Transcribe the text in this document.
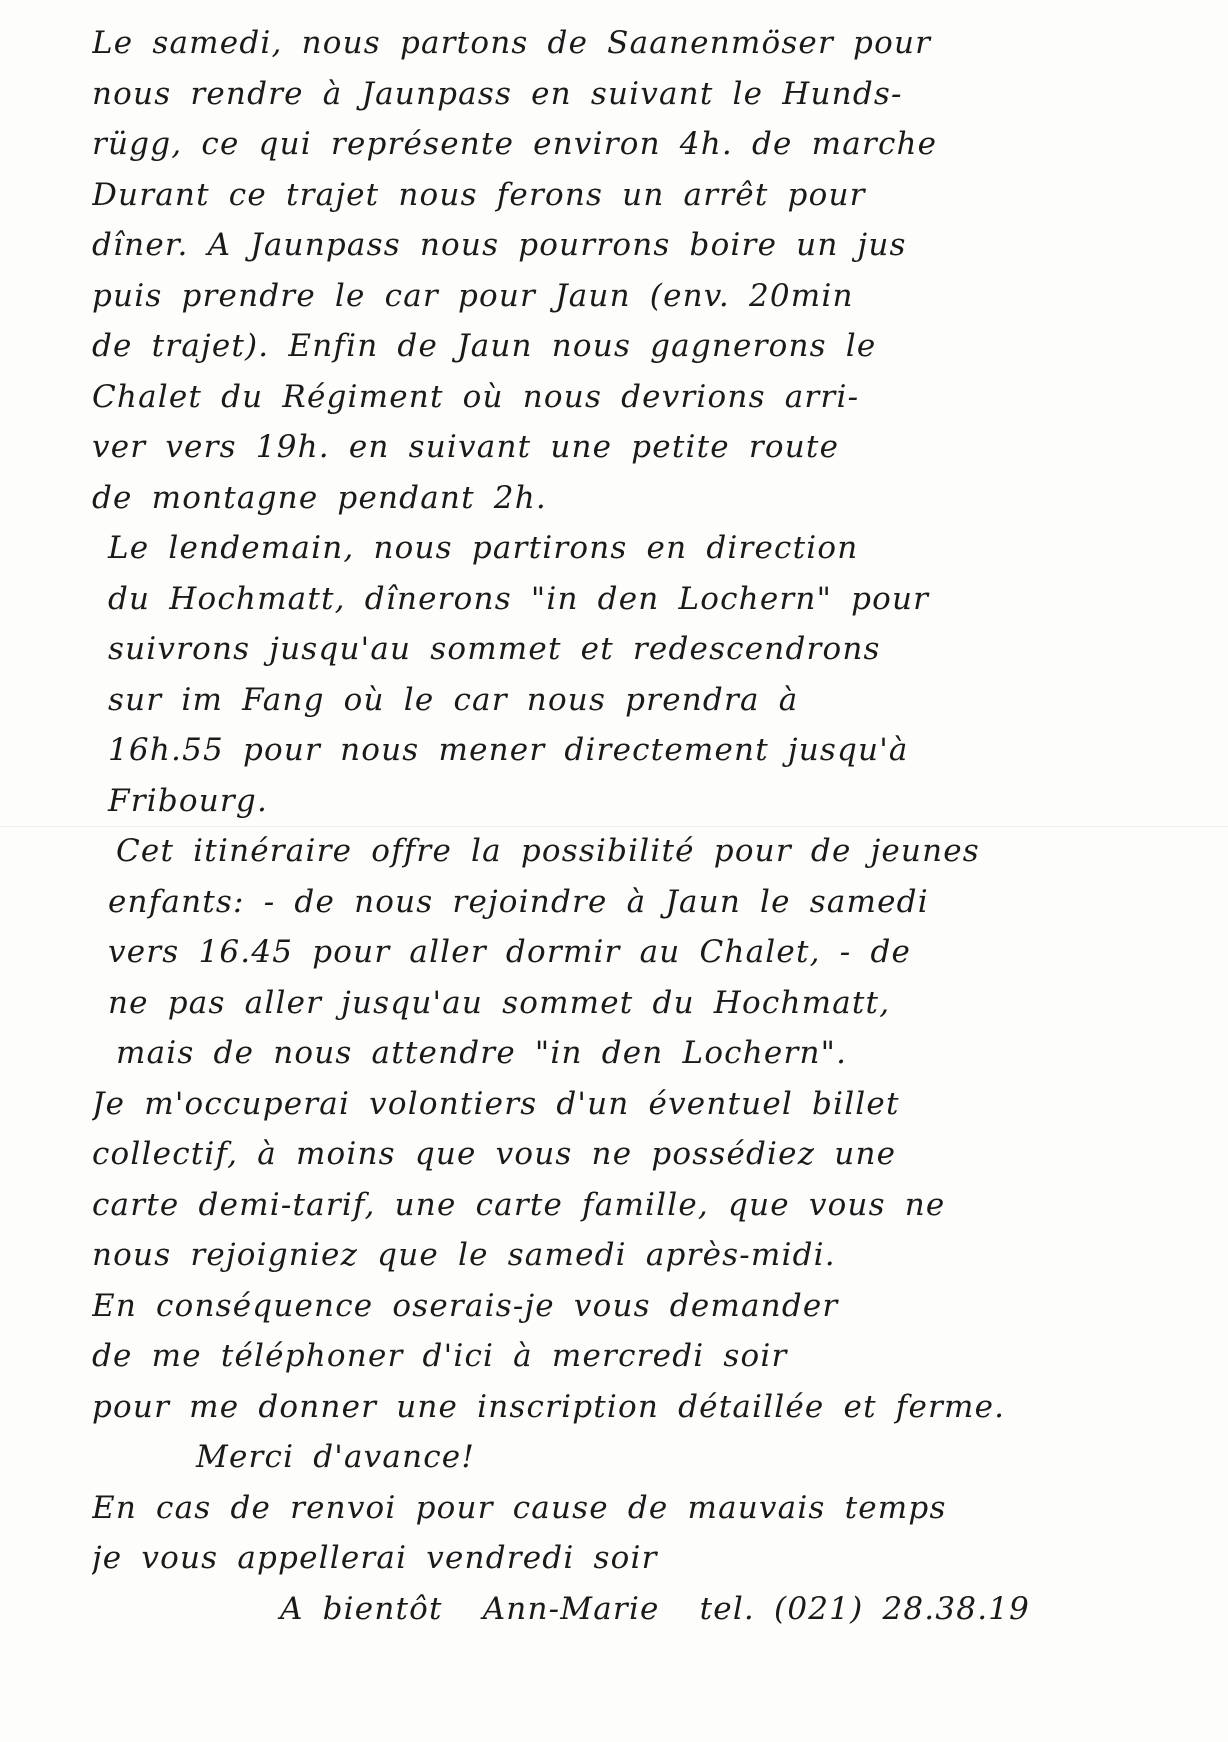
Le samedi, nous partons de Saanenmöser pour
nous rendre à Jaunpass en suivant le Hunds-
rügg, ce qui représente environ 4h. de marche
Durant ce trajet nous ferons un arrêt pour
dîner. A Jaunpass nous pourrons boire un jus
puis prendre le car pour Jaun (env. 20min
de trajet). Enfin de Jaun nous gagnerons le
Chalet du Régiment où nous devrions arri-
ver vers 19h. en suivant une petite route
de montagne pendant 2h.
Le lendemain, nous partirons en direction
du Hochmatt, dînerons "in den Lochern" pour
suivrons jusqu'au sommet et redescendrons
sur im Fang où le car nous prendra à
16h.55 pour nous mener directement jusqu'à
Fribourg.
Cet itinéraire offre la possibilité pour de jeunes
enfants: - de nous rejoindre à Jaun le samedi
vers 16.45 pour aller dormir au Chalet, - de
ne pas aller jusqu'au sommet du Hochmatt,
mais de nous attendre "in den Lochern".
Je m'occuperai volontiers d'un éventuel billet
collectif, à moins que vous ne possédiez une
carte demi-tarif, une carte famille, que vous ne
nous rejoigniez que le samedi après-midi.
En conséquence oserais-je vous demander
de me téléphoner d'ici à mercredi soir
pour me donner une inscription détaillée et ferme.
Merci d'avance!
En cas de renvoi pour cause de mauvais temps
je vous appellerai vendredi soir
A bientôt Ann-Marie tel. (021) 28.38.19
